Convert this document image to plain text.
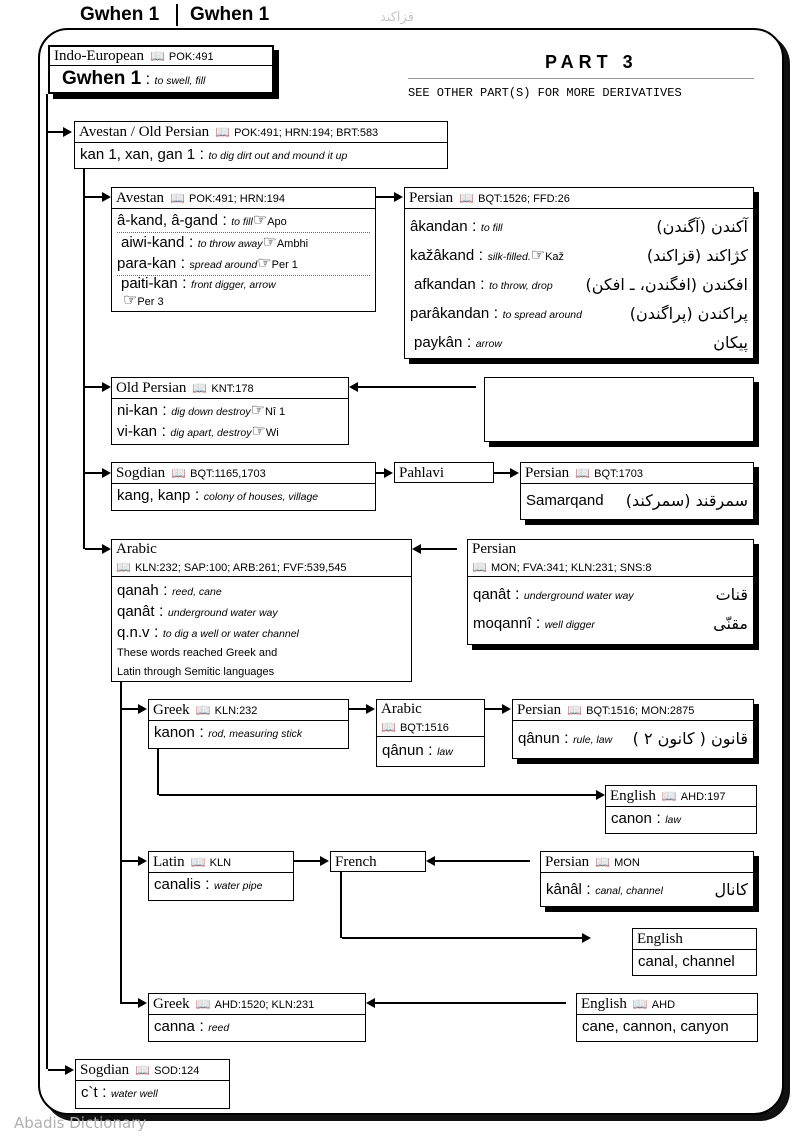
Gwhen 1 Gwhen 1	قزاکند
PART 3
SEE OTHER PART(S) FOR MORE DERIVATIVES
Indo-European 📖 POK:491
Gwhen 1 : to swell, fill
Avestan / Old Persian 📖 POK:491; HRN:194; BRT:583
kan 1, xan, gan 1 : to dig dirt out and mound it up
Avestan 📖 POK:491; HRN:194
â-kand, â-gand : to fill☞Apo
aiwi-kand : to throw away☞Ambhi
para-kan : spread around☞Per 1
paiti-kan : front digger, arrow
☞Per 3
Persian 📖 BQT:1526; FFD:26
âkandan : to fill	آکندن (آگندن)
kažâkand : silk-filled.☞Kaž	کژاکند (قزاکند)
afkandan : to throw, drop افکندن (افگندن، ـ افکن)
parâkandan : to spread around	پراکندن (پراگندن)
paykân : arrow	پیکان
Old Persian 📖 KNT:178
ni-kan : dig down destroy☞Nî 1
vi-kan : dig apart, destroy☞Wi
Sogdian 📖 BQT:1165,1703
kang, kanp : colony of houses, village
Pahlavi	Persian 📖 BQT:1703
Samarqand سمرقند (سمرکند)
Arabic
📖 KLN:232; SAP:100; ARB:261; FVF:539,545
qanah : reed, cane
qanât : underground water way
q.n.v : to dig a well or water channel
These words reached Greek and
Latin through Semitic languages
Persian
📖 MON; FVA:341; KLN:231; SNS:8
qanât : underground water way	قنات
moqannî : well digger	مقنّی
Greek 📖 KLN:232
kanon : rod, measuring stick
Arabic
📖 BQT:1516
qânun : law
Persian 📖 BQT:1516; MON:2875
qânun : rule, law قانون ( کانون ۲ )
English 📖 AHD:197
canon : law
Latin 📖 KLN
canalis : water pipe
French	Persian 📖 MON
kânâl : canal, channel	کانال
English
canal, channel
Greek 📖 AHD:1520; KLN:231
canna : reed
English 📖 AHD
cane, cannon, canyon
Sogdian 📖 SOD:124
c`t : water well
Abadis Dictionary
